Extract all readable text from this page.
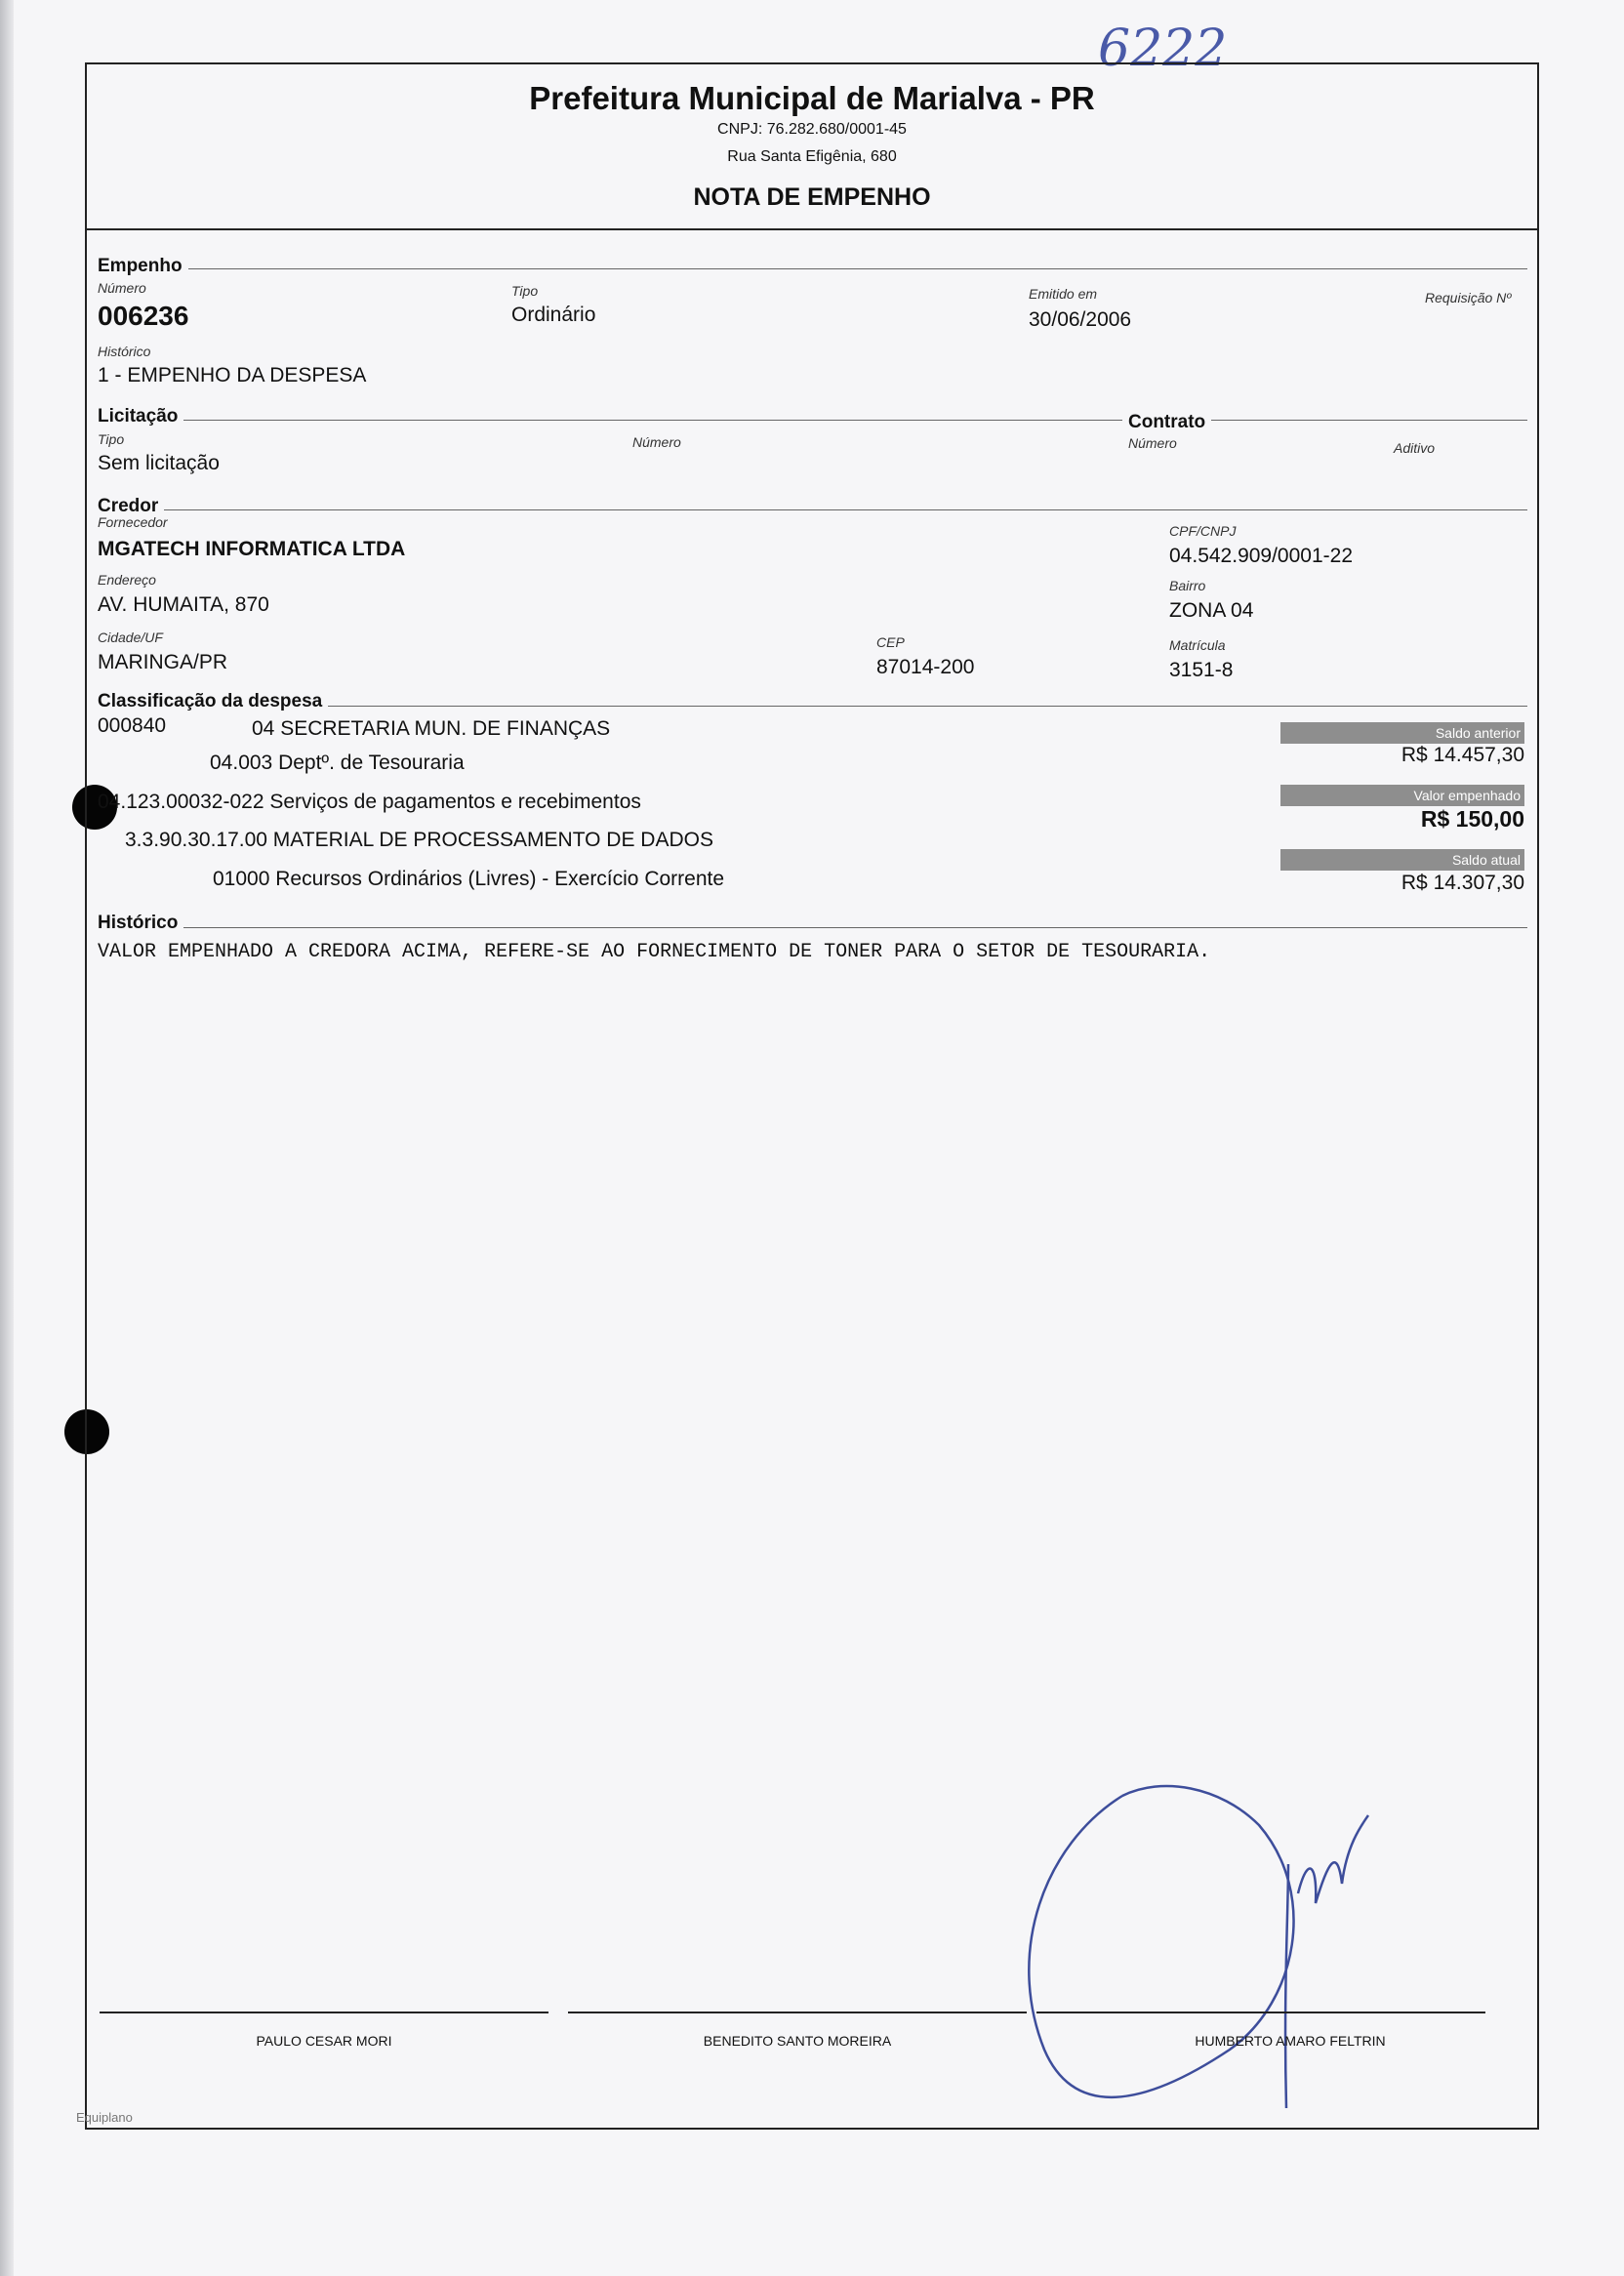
6222
Prefeitura Municipal de Marialva - PR
CNPJ: 76.282.680/0001-45
Rua Santa Efigênia, 680
NOTA DE EMPENHO
Empenho
Número
006236
Tipo
Ordinário
Emitido em
30/06/2006
Requisição Nº
Histórico
1 - EMPENHO DA DESPESA
Licitação
Tipo
Sem licitação
Número
Contrato
Número	Aditivo
Credor
Fornecedor
MGATECH INFORMATICA LTDA
CPF/CNPJ
04.542.909/0001-22
Endereço
AV. HUMAITA, 870
Bairro
ZONA 04
Cidade/UF
MARINGA/PR
CEP
87014-200
Matrícula
3151-8
Classificação da despesa
000840	04 SECRETARIA MUN. DE FINANÇAS
04.003 Deptº. de Tesouraria
04.123.00032-022 Serviços de pagamentos e recebimentos
3.3.90.30.17.00 MATERIAL DE PROCESSAMENTO DE DADOS
01000 Recursos Ordinários (Livres) - Exercício Corrente
Saldo anterior
R$ 14.457,30
Valor empenhado
R$ 150,00
Saldo atual
R$ 14.307,30
Histórico
VALOR EMPENHADO A CREDORA ACIMA, REFERE-SE AO FORNECIMENTO DE TONER PARA O SETOR DE TESOURARIA.
PAULO CESAR MORI	BENEDITO SANTO MOREIRA	HUMBERTO AMARO FELTRIN
Equiplano
